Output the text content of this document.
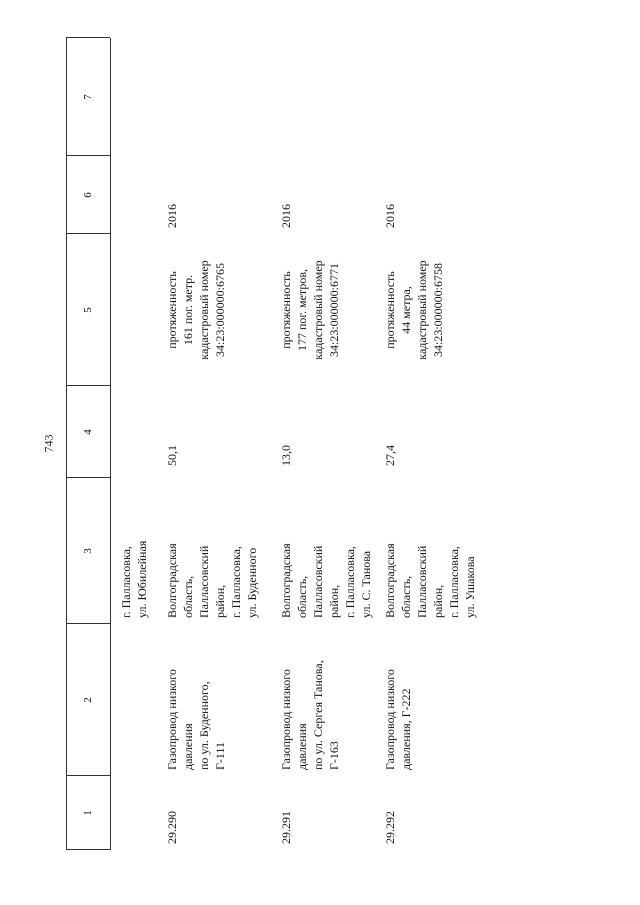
743
1
2
3
4
5
6
7
г. Палласовка,
ул. Юбилейная
29.290
Газопровод низкого
давления
по ул. Буденного,
Г-111
Волгоградская
область,
Палласовский
район,
г. Палласовка,
ул. Буденного
50,1
протяженность
161 пог. метр.
кадастровый номер
34:23:000000:6765
2016
29.291
Газопровод низкого
давления
по ул. Сергея Танова,
Г-163
Волгоградская
область,
Палласовский
район,
г. Палласовка,
ул. С. Танова
13,0
протяженность
177 пог. метров,
кадастровый номер
34:23:000000:6771
2016
29.292
Газопровод низкого
давления, Г-222
Волгоградская
область,
Палласовский
район,
г. Палласовка,
ул. Ушакова
27,4
протяженность
44 метра,
кадастровый номер
34:23:000000:6758
2016
